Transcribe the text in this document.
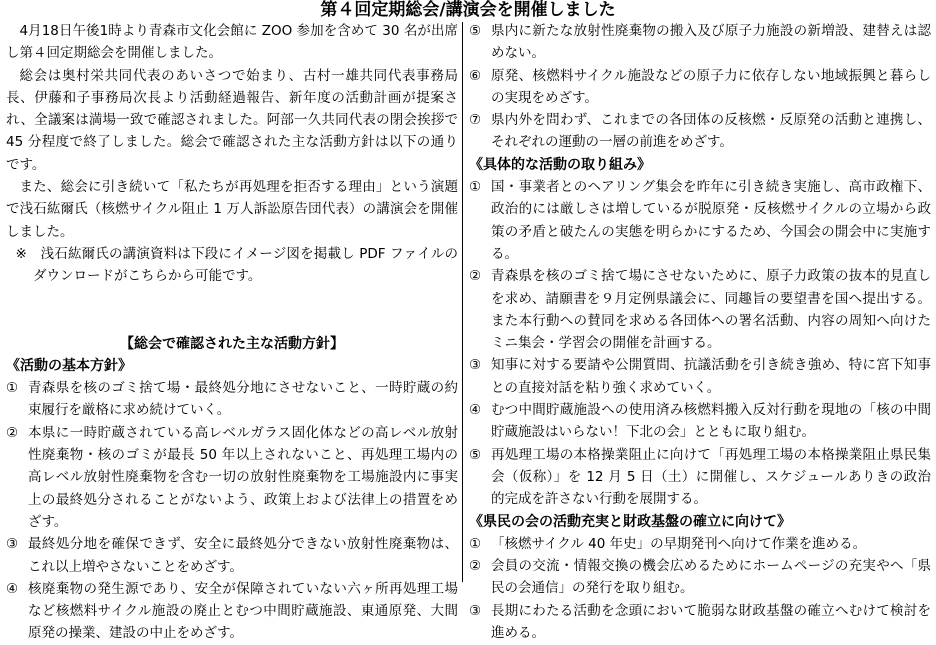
第４回定期総会/講演会を開催しました

4月18日午後1時より青森市文化会館に ZOO 参加を含めて 30 名が出席し第４回定期総会を開催しました。

総会は奥村栄共同代表のあいさつで始まり、古村一雄共同代表事務局長、伊藤和子事務局次長より活動経過報告、新年度の活動計画が提案され、全議案は満場一致で確認されました。阿部一久共同代表の閉会挨拶で 45 分程度で終了しました。総会で確認された主な活動方針は以下の通りです。

また、総会に引き続いて「私たちが再処理を拒否する理由」という演題で浅石紘爾氏（核燃サイクル阻止 1 万人訴訟原告団代表）の講演会を開催しました。

※　浅石紘爾氏の講演資料は下段にイメージ図を掲載し PDF ファイルのダウンロードがこちらから可能です。

【総会で確認された主な活動方針】
《活動の基本方針》
① 青森県を核のゴミ捨て場・最終処分地にさせないこと、一時貯蔵の約束履行を厳格に求め続けていく。
② 本県に一時貯蔵されている高レベルガラス固化体などの高レベル放射性廃棄物・核のゴミが最長 50 年以上されないこと、再処理工場内の高レベル放射性廃棄物を含む一切の放射性廃棄物を工場施設内に事実上の最終処分されることがないよう、政策上および法律上の措置をめざす。
③ 最終処分地を確保できず、安全に最終処分できない放射性廃棄物は、これ以上増やさないことをめざす。
④ 核廃棄物の発生源であり、安全が保障されていない六ヶ所再処理工場など核燃料サイクル施設の廃止とむつ中間貯蔵施設、東通原発、大間原発の操業、建設の中止をめざす。
⑤ 県内に新たな放射性廃棄物の搬入及び原子力施設の新増設、建替えは認めない。
⑥ 原発、核燃料サイクル施設などの原子力に依存しない地域振興と暮らしの実現をめざす。
⑦ 県内外を問わず、これまでの各団体の反核燃・反原発の活動と連携し、それぞれの運動の一層の前進をめざす。
《具体的な活動の取り組み》
① 国・事業者とのヘアリング集会を昨年に引き続き実施し、高市政権下、政治的には厳しさは増しているが脱原発・反核燃サイクルの立場から政策の矛盾と破たんの実態を明らかにするため、今国会の開会中に実施する。
② 青森県を核のゴミ捨て場にさせないために、原子力政策の抜本的見直しを求め、請願書を９月定例県議会に、同趣旨の要望書を国へ提出する。また本行動への賛同を求める各団体への署名活動、内容の周知へ向けたミニ集会・学習会の開催を計画する。
③ 知事に対する要請や公開質問、抗議活動を引き続き強め、特に宮下知事との直接対話を粘り強く求めていく。
④ むつ中間貯蔵施設への使用済み核燃料搬入反対行動を現地の「核の中間貯蔵施設はいらない！下北の会」とともに取り組む。
⑤ 再処理工場の本格操業阻止に向けて「再処理工場の本格操業阻止県民集会（仮称）」を 12 月 5 日（土）に開催し、スケジュールありきの政治的完成を許さない行動を展開する。
《県民の会の活動充実と財政基盤の確立に向けて》
① 「核燃サイクル 40 年史」の早期発刊へ向けて作業を進める。
② 会員の交流・情報交換の機会広めるためにホームページの充実やへ「県民の会通信」の発行を取り組む。
③ 長期にわたる活動を念頭において脆弱な財政基盤の確立へむけて検討を進める。
